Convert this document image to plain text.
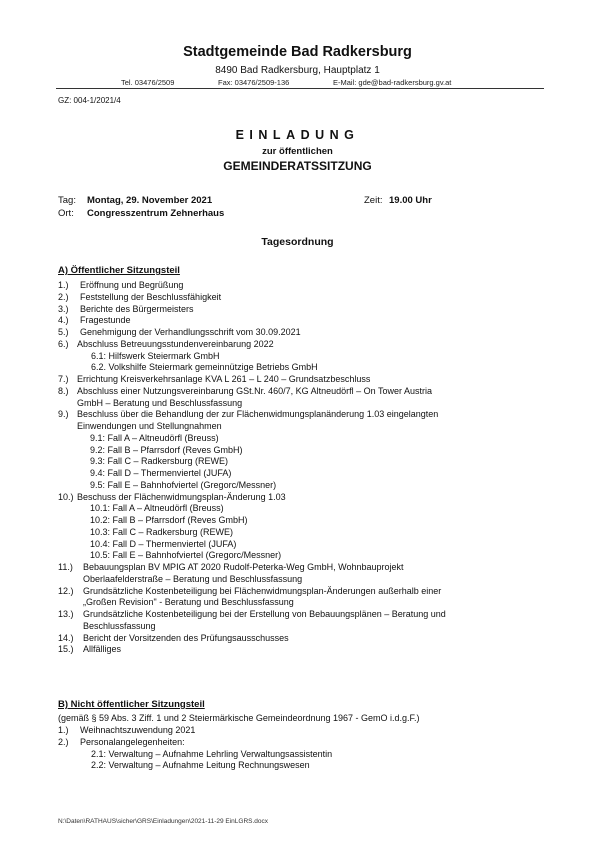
Stadtgemeinde Bad Radkersburg
8490 Bad Radkersburg, Hauptplatz 1
Tel. 03476/2509	Fax: 03476/2509-136	E-Mail: gde@bad-radkersburg.gv.at
GZ: 004-1/2021/4
EINLADUNG
zur öffentlichen
GEMEINDERATSSITZUNG
Tag: Montag, 29. November 2021	Zeit: 19.00 Uhr
Ort: Congresszentrum Zehnerhaus
Tagesordnung
A) Öffentlicher Sitzungsteil
1.) Eröffnung und Begrüßung
2.) Feststellung der Beschlussfähigkeit
3.) Berichte des Bürgermeisters
4.) Fragestunde
5.) Genehmigung der Verhandlungsschrift vom 30.09.2021
6.) Abschluss Betreuungsstundenvereinbarung 2022
6.1: Hilfswerk Steiermark GmbH
6.2. Volkshilfe Steiermark gemeinnützige Betriebs GmbH
7.) Errichtung Kreisverkehrsanlage KVA L 261 – L 240 – Grundsatzbeschluss
8.) Abschluss einer Nutzungsvereinbarung GSt.Nr. 460/7, KG Altneudörfl – On Tower Austria
GmbH – Beratung und Beschlussfassung
9.) Beschluss über die Behandlung der zur Flächenwidmungsplanänderung 1.03 eingelangten
Einwendungen und Stellungnahmen
9.1: Fall A – Altneudörfl (Breuss)
9.2: Fall B – Pfarrsdorf (Reves GmbH)
9.3: Fall C – Radkersburg (REWE)
9.4: Fall D – Thermenviertel (JUFA)
9.5: Fall E – Bahnhofviertel (Gregorc/Messner)
10.) Beschuss der Flächenwidmungsplan-Änderung 1.03
10.1: Fall A – Altneudörfl (Breuss)
10.2: Fall B – Pfarrsdorf (Reves GmbH)
10.3: Fall C – Radkersburg (REWE)
10.4: Fall D – Thermenviertel (JUFA)
10.5: Fall E – Bahnhofviertel (Gregorc/Messner)
11.) Bebauungsplan BV MPIG AT 2020 Rudolf-Peterka-Weg GmbH, Wohnbauprojekt
Oberlaafelderstraße – Beratung und Beschlussfassung
12.) Grundsätzliche Kostenbeteiligung bei Flächenwidmungsplan-Änderungen außerhalb einer
„Großen Revision" - Beratung und Beschlussfassung
13.) Grundsätzliche Kostenbeteiligung bei der Erstellung von Bebauungsplänen – Beratung und
Beschlussfassung
14.) Bericht der Vorsitzenden des Prüfungsausschusses
15.) Allfälliges
B) Nicht öffentlicher Sitzungsteil
(gemäß § 59 Abs. 3 Ziff. 1 und 2 Steiermärkische Gemeindeordnung 1967 - GemO i.d.g.F.)
1.) Weihnachtszuwendung 2021
2.) Personalangelegenheiten:
2.1: Verwaltung – Aufnahme Lehrling Verwaltungsassistentin
2.2: Verwaltung – Aufnahme Leitung Rechnungswesen
N:\Daten\RATHAUS\sicher\GRS\Einladungen\2021-11-29 EinLGRS.docx
